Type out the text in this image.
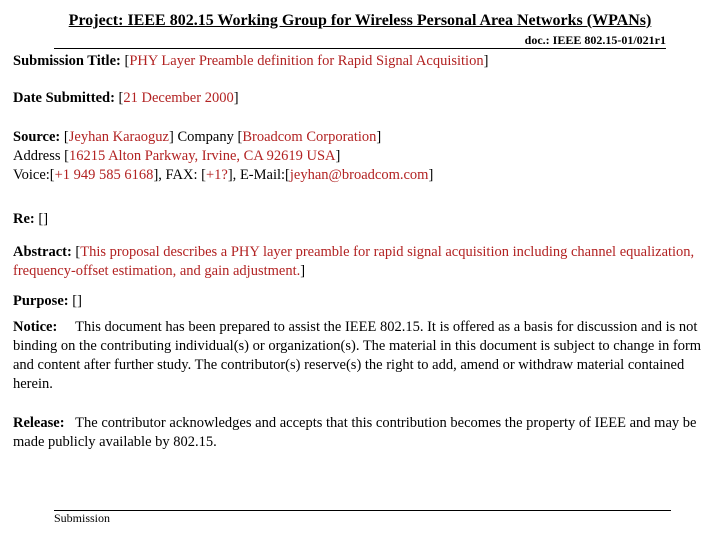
Project: IEEE 802.15 Working Group for Wireless Personal Area Networks (WPANs)
doc.: IEEE 802.15-01/021r1
Submission Title: [PHY Layer Preamble definition for Rapid Signal Acquisition]
Date Submitted: [21 December 2000]
Source: [Jeyhan Karaoguz] Company [Broadcom Corporation]
Address [16215 Alton Parkway, Irvine, CA 92619 USA]
Voice:[+1 949 585 6168], FAX: [+1?], E-Mail:[jeyhan@broadcom.com]
Re: []
Abstract: [This proposal describes a PHY layer preamble for rapid signal acquisition including channel equalization, frequency-offset estimation, and gain adjustment.]
Purpose: []
Notice: This document has been prepared to assist the IEEE 802.15. It is offered as a basis for discussion and is not binding on the contributing individual(s) or organization(s). The material in this document is subject to change in form and content after further study. The contributor(s) reserve(s) the right to add, amend or withdraw material contained herein.
Release: The contributor acknowledges and accepts that this contribution becomes the property of IEEE and may be made publicly available by 802.15.
Submission
